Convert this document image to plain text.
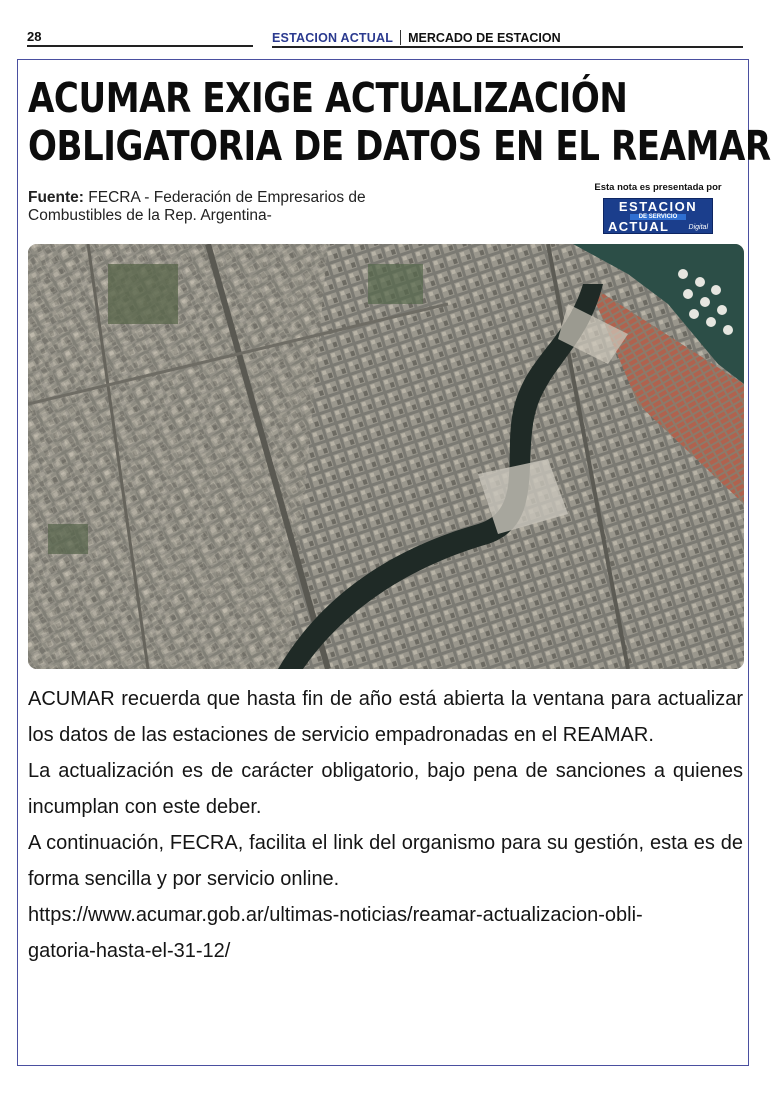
28	ESTACION ACTUAL MERCADO DE ESTACION
ACUMAR EXIGE ACTUALIZACIÓN
OBLIGATORIA DE DATOS EN EL REAMAR
Fuente: FECRA - Federación de Empresarios de Combustibles de la Rep. Argentina-
Esta nota es presentada por
ESTACION
DE SERVICIO
ACTUAL	Digital

ACUMAR recuerda que hasta fin de año está abierta la ventana para actualizar los datos de las estaciones de servicio empadronadas en el REAMAR.

La actualización es de carácter obligatorio, bajo pena de sanciones a quienes incumplan con este deber.

A continuación, FECRA, facilita el link del organismo para su gestión, esta es de forma sencilla y por servicio online.

https://www.acumar.gob.ar/ultimas-noticias/reamar-actualizacion-obli-

gatoria-hasta-el-31-12/
